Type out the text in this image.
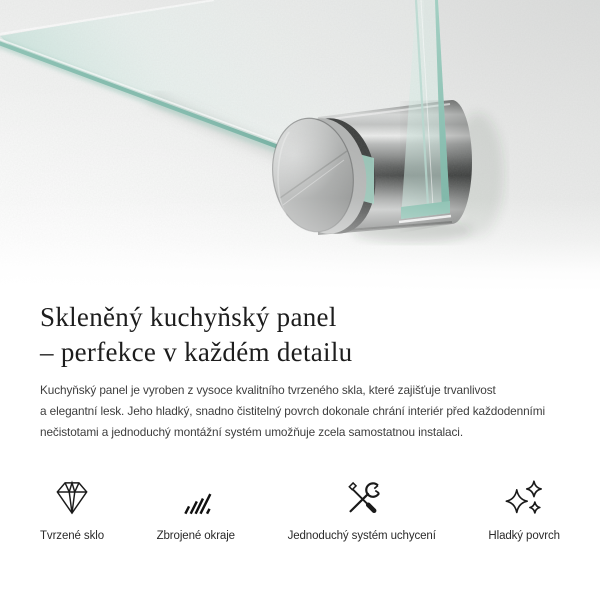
Skleněný kuchyňský panel
– perfekce v každém detailu

Kuchyňský panel je vyroben z vysoce kvalitního tvrzeného skla, které zajišťuje trvanlivost
a elegantní lesk. Jeho hladký, snadno čistitelný povrch dokonale chrání interiér před každodenními
nečistotami a jednoduchý montážní systém umožňuje zcela samostatnou instalaci.

Tvrzené sklo	Zbrojené okraje	Jednoduchý systém uchycení	Hladký povrch
